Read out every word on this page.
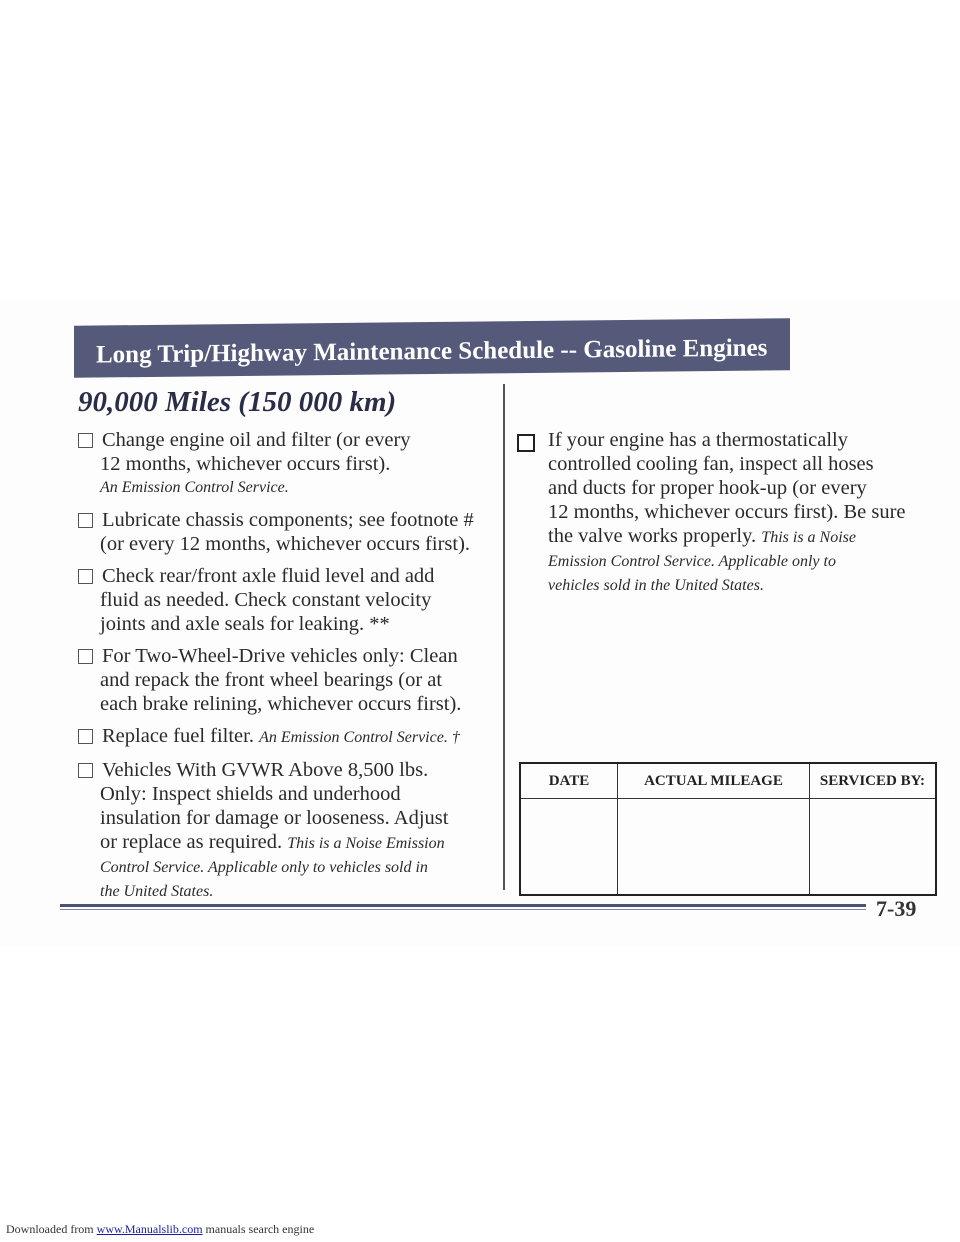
Long Trip/Highway Maintenance Schedule -- Gasoline Engines
90,000 Miles (150 000 km)
Change engine oil and filter (or every
12 months, whichever occurs first).
An Emission Control Service.
Lubricate chassis components; see footnote #
(or every 12 months, whichever occurs first).
Check rear/front axle fluid level and add
fluid as needed. Check constant velocity
joints and axle seals for leaking. **
For Two-Wheel-Drive vehicles only: Clean
and repack the front wheel bearings (or at
each brake relining, whichever occurs first).
Replace fuel filter. An Emission Control Service. †
Vehicles With GVWR Above 8,500 lbs.
Only: Inspect shields and underhood
insulation for damage or looseness. Adjust
or replace as required. This is a Noise Emission
Control Service. Applicable only to vehicles sold in
the United States.
If your engine has a thermostatically
controlled cooling fan, inspect all hoses
and ducts for proper hook-up (or every
12 months, whichever occurs first). Be sure
the valve works properly. This is a Noise
Emission Control Service. Applicable only to
vehicles sold in the United States.
DATE	ACTUAL MILEAGE	SERVICED BY:

7-39
Downloaded from www.Manualslib.com manuals search engine
